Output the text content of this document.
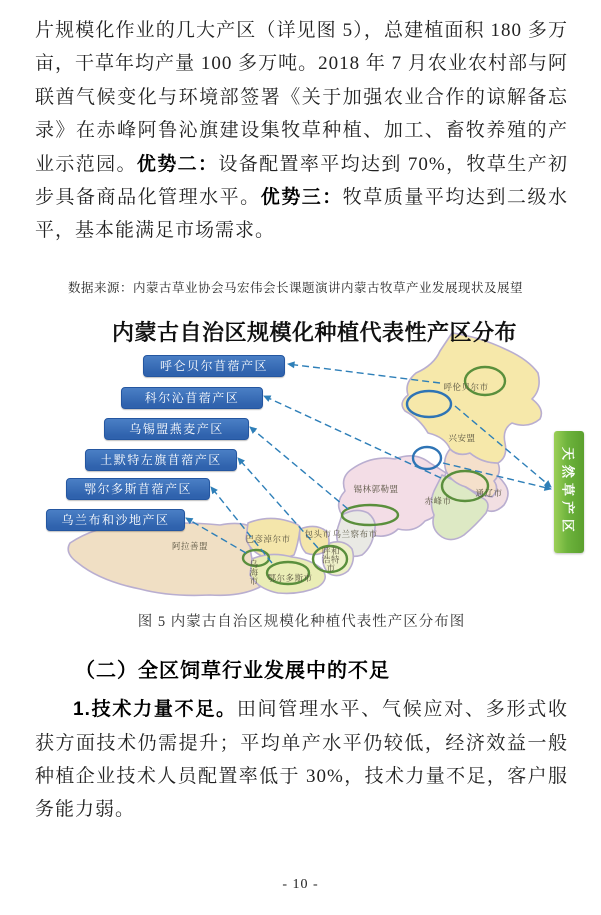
片规模化作业的几大产区（详见图 5），总建植面积 180 多万亩，干草年均产量 100 多万吨。2018 年 7 月农业农村部与阿联酋气候变化与环境部签署《关于加强农业合作的谅解备忘录》在赤峰阿鲁沁旗建设集牧草种植、加工、畜牧养殖的产业示范园。优势二：设备配置率平均达到 70%，牧草生产初步具备商品化管理水平。优势三：牧草质量平均达到二级水平，基本能满足市场需求。

数据来源：内蒙古草业协会马宏伟会长课题演讲内蒙古牧草产业发展现状及展望

呼伦贝尔市
兴安盟
锡林郭勒盟
赤峰市
通辽市
乌兰察布市
包头市
巴彦淖尔市
阿拉善盟
鄂尔多斯市
乌海市
呼和浩特市
内蒙古自治区规模化种植代表性产区分布
呼仑贝尔苜蓿产区
科尔沁苜蓿产区
乌锡盟燕麦产区
土默特左旗苜蓿产区
鄂尔多斯苜蓿产区
乌兰布和沙地产区	天然草产区

图 5 内蒙古自治区规模化种植代表性产区分布图

（二）全区饲草行业发展中的不足

1.技术力量不足。田间管理水平、气候应对、多形式收获方面技术仍需提升；平均单产水平仍较低，经济效益一般种植企业技术人员配置率低于 30%，技术力量不足，客户服务能力弱。

- 10 -
